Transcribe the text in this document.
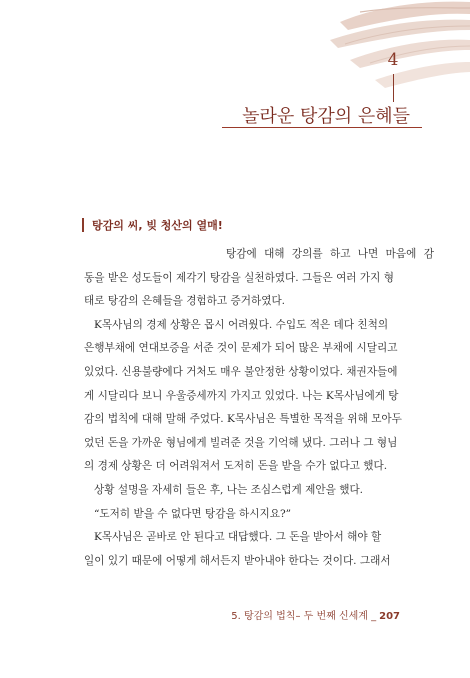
4
놀라운 탕감의 은혜들
탕감의 씨, 빚 청산의 열매!

탕감에 대해 강의를 하고 나면 마음에 감

동을 받은 성도들이 제각기 탕감을 실천하였다. 그들은 여러 가지 형

태로 탕감의 은혜들을 경험하고 증거하였다.

K목사님의 경제 상황은 몹시 어려웠다. 수입도 적은 데다 친척의

은행부채에 연대보증을 서준 것이 문제가 되어 많은 부채에 시달리고

있었다. 신용불량에다 거처도 매우 불안정한 상황이었다. 채권자들에

게 시달리다 보니 우울증세까지 가지고 있었다. 나는 K목사님에게 탕

감의 법칙에 대해 말해 주었다. K목사님은 특별한 목적을 위해 모아두

었던 돈을 가까운 형님에게 빌려준 것을 기억해 냈다. 그러나 그 형님

의 경제 상황은 더 어려워져서 도저히 돈을 받을 수가 없다고 했다.

상황 설명을 자세히 들은 후, 나는 조심스럽게 제안을 했다.

“도저히 받을 수 없다면 탕감을 하시지요?”

K목사님은 곧바로 안 된다고 대답했다. 그 돈을 받아서 해야 할

일이 있기 때문에 어떻게 해서든지 받아내야 한다는 것이다. 그래서

5. 탕감의 법칙– 두 번째 신세계 _ 207
